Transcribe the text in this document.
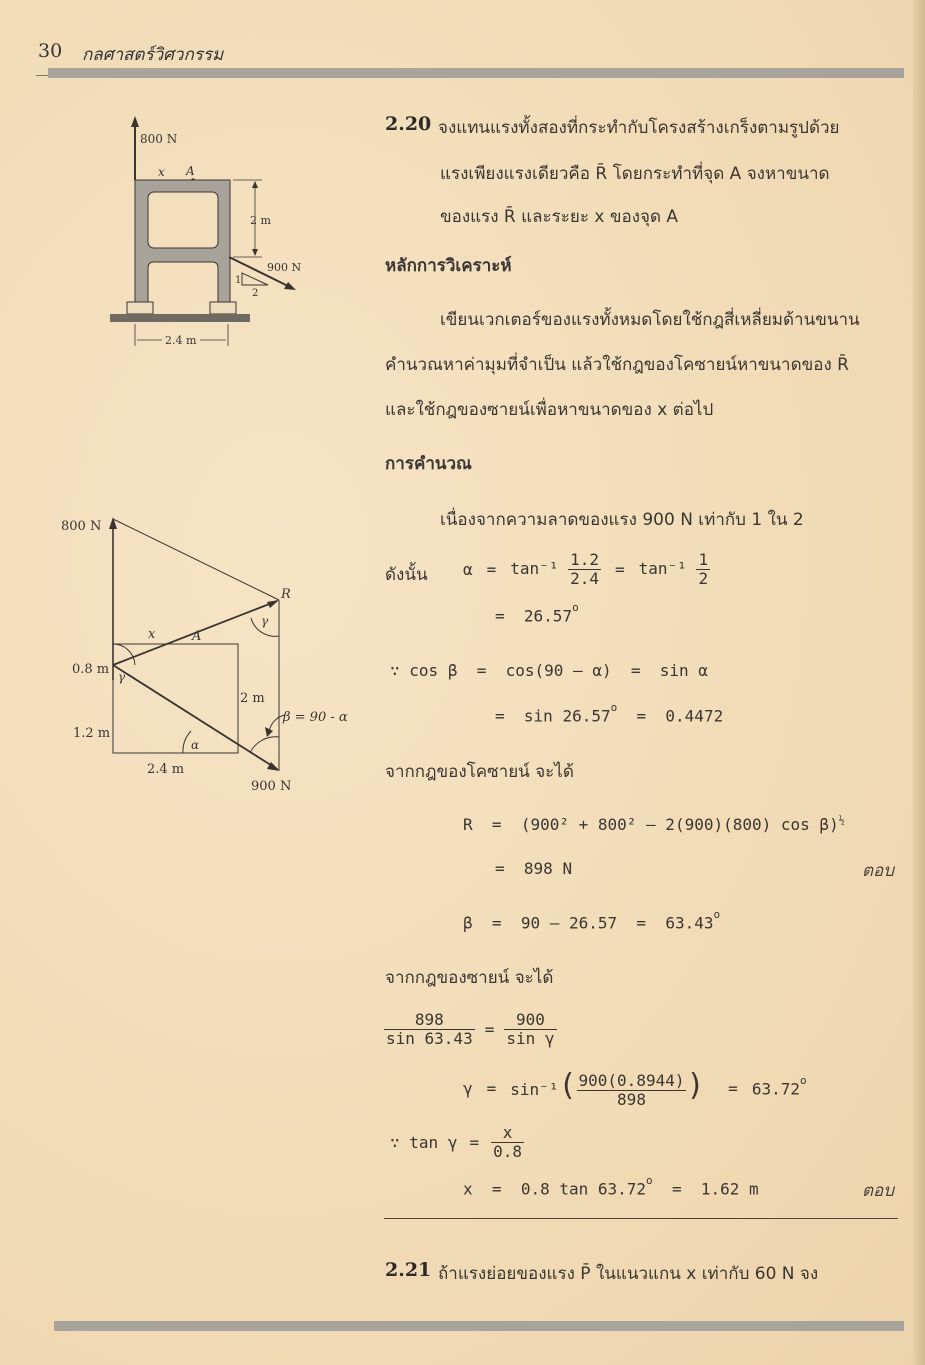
30 กลศาสตร์วิศวกรรม
800 N
x A
2 m
900 N
1
2
2.4 m
800 N
R
x	A
900 N
0.8 m
1.2 m
2 m
2.4 m
γ
γ
α
β = 90 - α
2.20 จงแทนแรงทั้งสองที่กระทำกับโครงสร้างเกร็งตามรูปด้วย
แรงเพียงแรงเดียวคือ R̄ โดยกระทำที่จุด A จงหาขนาด
ของแรง R̄ และระยะ x ของจุด A
หลักการวิเคราะห์
เขียนเวกเตอร์ของแรงทั้งหมดโดยใช้กฎสี่เหลี่ยมด้านขนาน
คำนวณหาค่ามุมที่จำเป็น แล้วใช้กฎของโคซายน์หาขนาดของ R̄
และใช้กฎของซายน์เพื่อหาขนาดของ x ต่อไป
การคำนวณ
เนื่องจากความลาดของแรง 900 N เท่ากับ 1 ใน 2
ดังนั้น $\alpha = \tan^{-1} \frac{1.2}{2.4} = \tan^{-1} \frac{1}{2}$
= $26.57^o$
∵ cos β  =  cos(90 – α)  =  sin α
=  sin 26.57$^o$  =  0.4472
จากกฎของโคซายน์ จะได้
R  =  (900² + 800² – 2(900)(800) cos β)$^{\frac{1}{2}}$
=  898 N	ตอบ
β  =  90 – 26.57  =  63.43$^o$
จากกฎของซายน์ จะได้
$\frac{898}{\sin 63.43} = \frac{900}{\text{sin γ}}$
$\gamma = \sin^{-1}( \frac{900(0.8944)}{898}$ ) = $63.72^o$
∵ $\tan \gamma = \frac{x}{0.8}$
x  =  0.8 tan 63.72$^o$  =  1.62 m	ตอบ
2.21 ถ้าแรงย่อยของแรง P̄ ในแนวแกน x เท่ากับ 60 N จง
